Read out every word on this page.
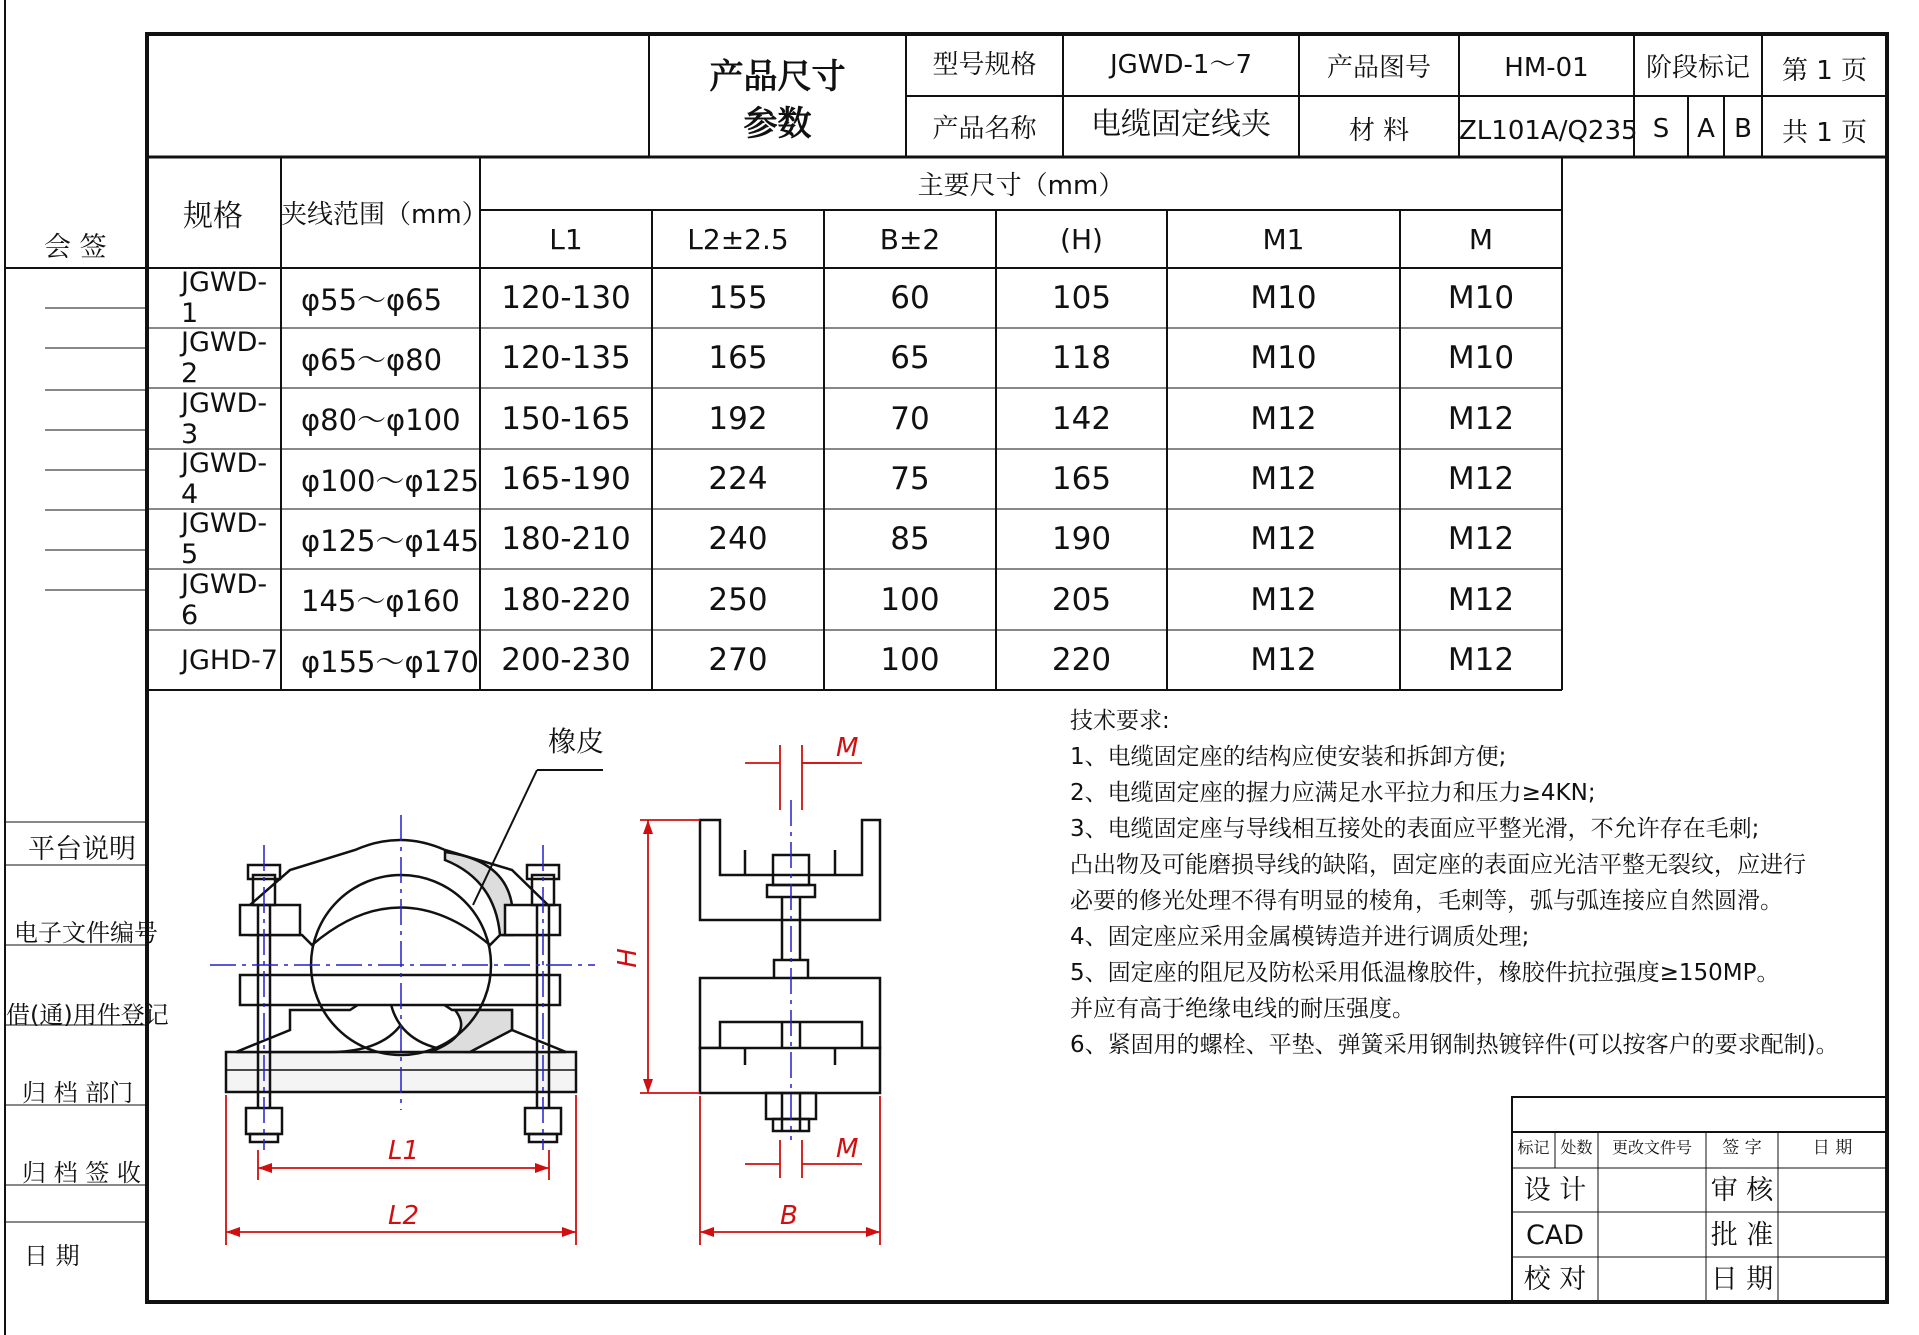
产品尺寸
参数
型号规格	JGWD-1～7	产品图号	HM-01	阶段标记	第 1 页
产品名称	电缆固定线夹	材 料	ZL101A/Q235 S	A B	共 1 页
会 签
平台说明
电子文件编号
借(通)用件登记
归 档 部门
归 档 签 收
日 期
规格	夹线范围（mm）
主要尺寸（mm）
L1	L2±2.5	B±2	(H)	M1	M
JGWD-1	φ55～φ65	120-130	155	60	105	M10	M10
JGWD-2	φ65～φ80	120-135	165	65	118	M10	M10
JGWD-3	φ80～φ100	150-165	192	70	142	M12	M12
JGWD-4	φ100～φ125 165-190	224	75	165	M12	M12
JGWD-5	φ125～φ145 180-210	240	85	190	M12	M12
JGWD-6	145～φ160	180-220	250	100	205	M12	M12
JGHD-7 φ155～φ170 200-230	270	100	220	M12	M12
橡皮
L1
L2
M
M
H
B
技术要求:
1、电缆固定座的结构应使安装和拆卸方便;
2、电缆固定座的握力应满足水平拉力和压力≥4KN;
3、电缆固定座与导线相互接处的表面应平整光滑，不允许存在毛刺;
凸出物及可能磨损导线的缺陷，固定座的表面应光洁平整无裂纹，应进行
必要的修光处理不得有明显的棱角，毛刺等，弧与弧连接应自然圆滑。
4、固定座应采用金属模铸造并进行调质处理;
5、固定座的阻尼及防松采用低温橡胶件，橡胶件抗拉强度≥150MP。
并应有高于绝缘电线的耐压强度。
6、紧固用的螺栓、平垫、弹簧采用钢制热镀锌件(可以按客户的要求配制)。
标记 处数	更改文件号	签 字	日 期
设 计	审 核
CAD	批 准
校 对	日 期
